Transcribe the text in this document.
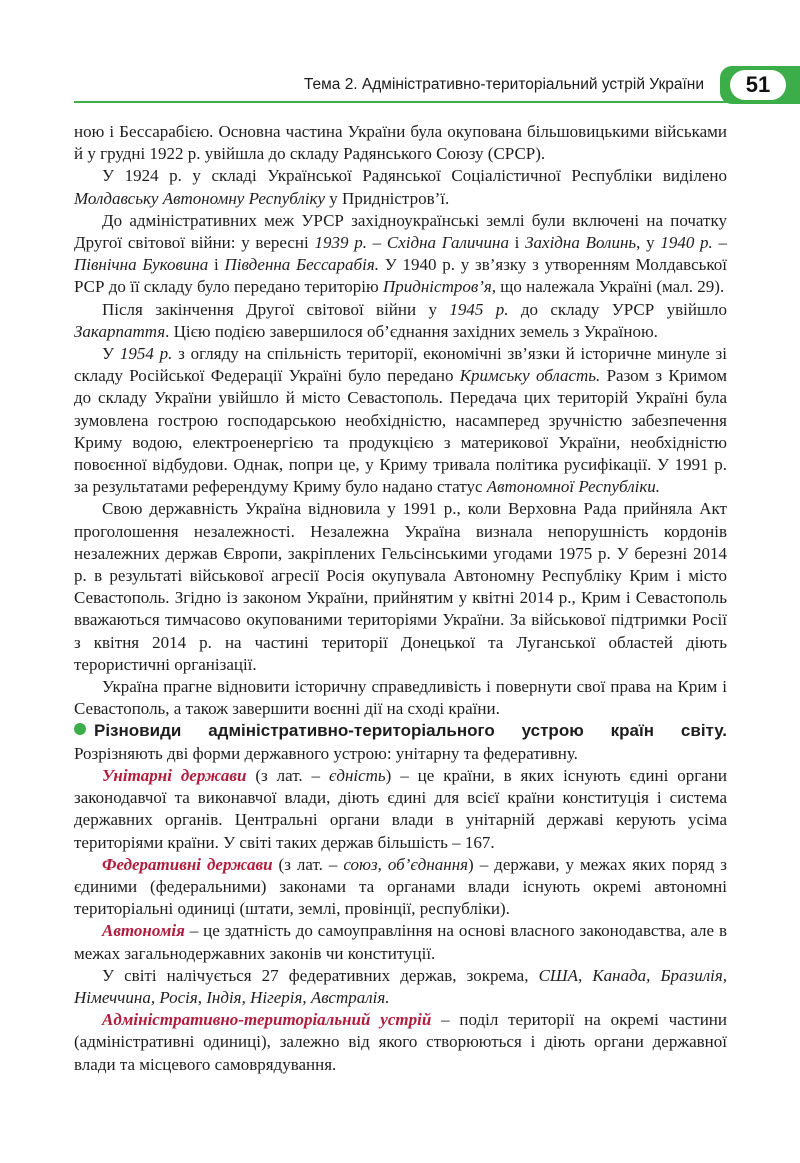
Тема 2. Адміністративно-територіальний устрій України	51

ною і Бессарабією. Основна частина України була окупована більшовицькими військами й у грудні 1922 р. увійшла до складу Радянського Союзу (СРСР).

У 1924 р. у складі Української Радянської Соціалістичної Республіки виділено Молдавську Автономну Республіку у Придністров’ї.

До адміністративних меж УРСР західноукраїнські землі були включені на початку Другої світової війни: у вересні 1939 р. – Східна Галичина і Західна Волинь, у 1940 р. – Північна Буковина і Південна Бессарабія. У 1940 р. у зв’язку з утворенням Молдавської РСР до її складу було передано територію Придністров’я, що належала Україні (мал. 29).

Після закінчення Другої світової війни у 1945 р. до складу УРСР увійшло Закарпаття. Цією подією завершилося об’єднання західних земель з Україною.

У 1954 р. з огляду на спільність території, економічні зв’язки й історичне минуле зі складу Російської Федерації Україні було передано Кримську область. Разом з Кримом до складу України увійшло й місто Севастополь. Передача цих територій Україні була зумовлена гострою господарською необхідністю, насамперед зручністю забезпечення Криму водою, електроенергією та продукцією з материкової України, необхідністю повоєнної відбудови. Однак, попри це, у Криму тривала політика русифікації. У 1991 р. за результатами референдуму Криму було надано статус Автономної Республіки.

Свою державність Україна відновила у 1991 р., коли Верховна Рада прийняла Акт проголошення незалежності. Незалежна Україна визнала непорушність кордонів незалежних держав Європи, закріплених Гельсінськими угодами 1975 р. У березні 2014 р. в результаті військової агресії Росія окупувала Автономну Республіку Крим і місто Севастополь. Згідно із законом України, прийнятим у квітні 2014 р., Крим і Севастополь вважаються тимчасово окупованими територіями України. За військової підтримки Росії з квітня 2014 р. на частині території Донецької та Луганської областей діють терористичні організації.

Україна прагне відновити історичну справедливість і повернути свої права на Крим і Севастополь, а також завершити воєнні дії на сході країни.

Різновиди адміністративно-територіального устрою країн світу. Розрізняють дві форми державного устрою: унітарну та федеративну.

Унітарні держави (з лат. – єдність) – це країни, в яких існують єдині органи законодавчої та виконавчої влади, діють єдині для всієї країни конституція і система державних органів. Центральні органи влади в унітарній державі керують усіма територіями країни. У світі таких держав більшість – 167.

Федеративні держави (з лат. – союз, об’єднання) – держави, у межах яких поряд з єдиними (федеральними) законами та органами влади існують окремі автономні територіальні одиниці (штати, землі, провінції, республіки).

Автономія – це здатність до самоуправління на основі власного законодавства, але в межах загальнодержавних законів чи конституції.

У світі налічується 27 федеративних держав, зокрема, США, Канада, Бразилія, Німеччина, Росія, Індія, Нігерія, Австралія.

Адміністративно-територіальний устрій – поділ території на окремі частини (адміністративні одиниці), залежно від якого створюються і діють органи державної влади та місцевого самоврядування.
